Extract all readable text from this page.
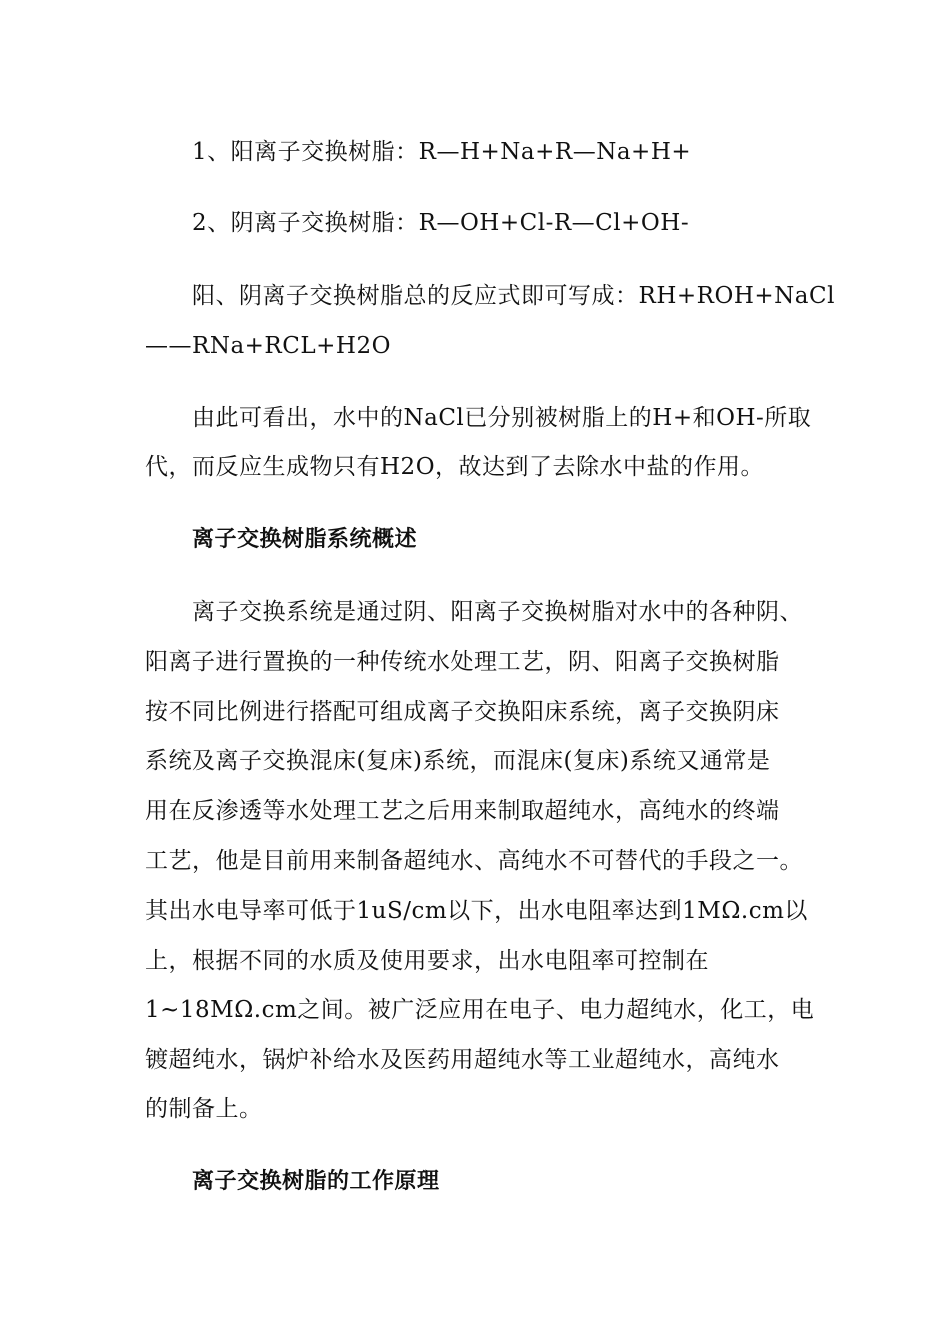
1、阳离子交换树脂：R—H+Na+R—Na+H+
2、阴离子交换树脂：R—OH+Cl-R—Cl+OH-
阳、阴离子交换树脂总的反应式即可写成：RH+ROH+NaCl
——RNa+RCL+H2O
由此可看出，水中的NaCl已分别被树脂上的H+和OH-所取
代，而反应生成物只有H2O，故达到了去除水中盐的作用。
离子交换树脂系统概述
离子交换系统是通过阴、阳离子交换树脂对水中的各种阴、
阳离子进行置换的一种传统水处理工艺，阴、阳离子交换树脂
按不同比例进行搭配可组成离子交换阳床系统，离子交换阴床
系统及离子交换混床(复床)系统，而混床(复床)系统又通常是
用在反渗透等水处理工艺之后用来制取超纯水，高纯水的终端
工艺，他是目前用来制备超纯水、高纯水不可替代的手段之一。
其出水电导率可低于1uS/cm以下，出水电阻率达到1MΩ.cm以
上，根据不同的水质及使用要求，出水电阻率可控制在
1~18MΩ.cm之间。被广泛应用在电子、电力超纯水，化工，电
镀超纯水，锅炉补给水及医药用超纯水等工业超纯水，高纯水
的制备上。
离子交换树脂的工作原理
